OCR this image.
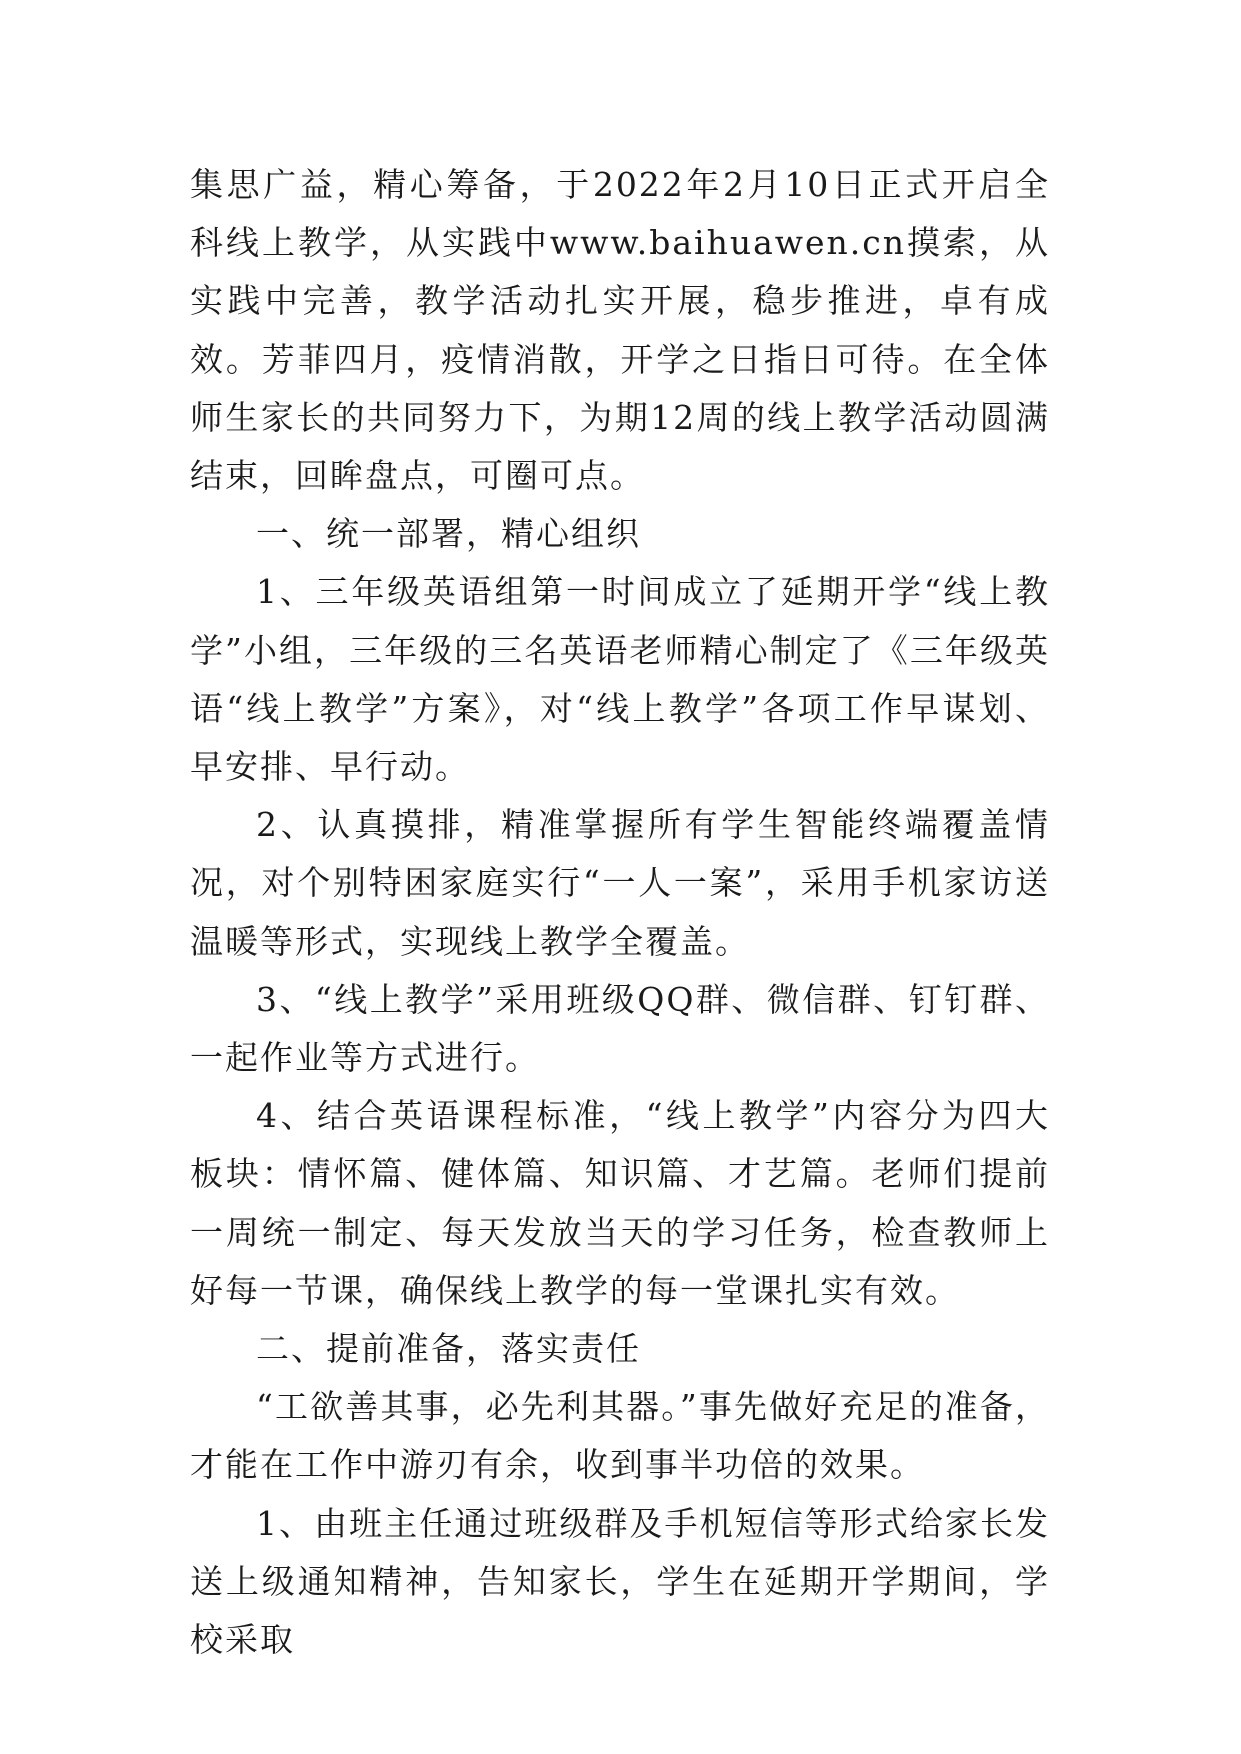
集思广益，精心筹备，于2022年2月10日正式开启全科线上教学，从实践中www.baihuawen.cn摸索，从实践中完善，教学活动扎实开展，稳步推进，卓有成效。芳菲四月，疫情消散，开学之日指日可待。在全体师生家长的共同努力下，为期12周的线上教学活动圆满结束，回眸盘点，可圈可点。

一、统一部署，精心组织

1、三年级英语组第一时间成立了延期开学“线上教学”小组，三年级的三名英语老师精心制定了《三年级英语“线上教学”方案》，对“线上教学”各项工作早谋划、早安排、早行动。

2、认真摸排，精准掌握所有学生智能终端覆盖情况，对个别特困家庭实行“一人一案”，采用手机家访送温暖等形式，实现线上教学全覆盖。

3、“线上教学”采用班级QQ群、微信群、钉钉群、一起作业等方式进行。

4、结合英语课程标准，“线上教学”内容分为四大板块：情怀篇、健体篇、知识篇、才艺篇。老师们提前一周统一制定、每天发放当天的学习任务，检查教师上好每一节课，确保线上教学的每一堂课扎实有效。

二、提前准备，落实责任

“工欲善其事，必先利其器。”事先做好充足的准备，才能在工作中游刃有余，收到事半功倍的效果。

1、由班主任通过班级群及手机短信等形式给家长发送上级通知精神，告知家长，学生在延期开学期间，学校采取
